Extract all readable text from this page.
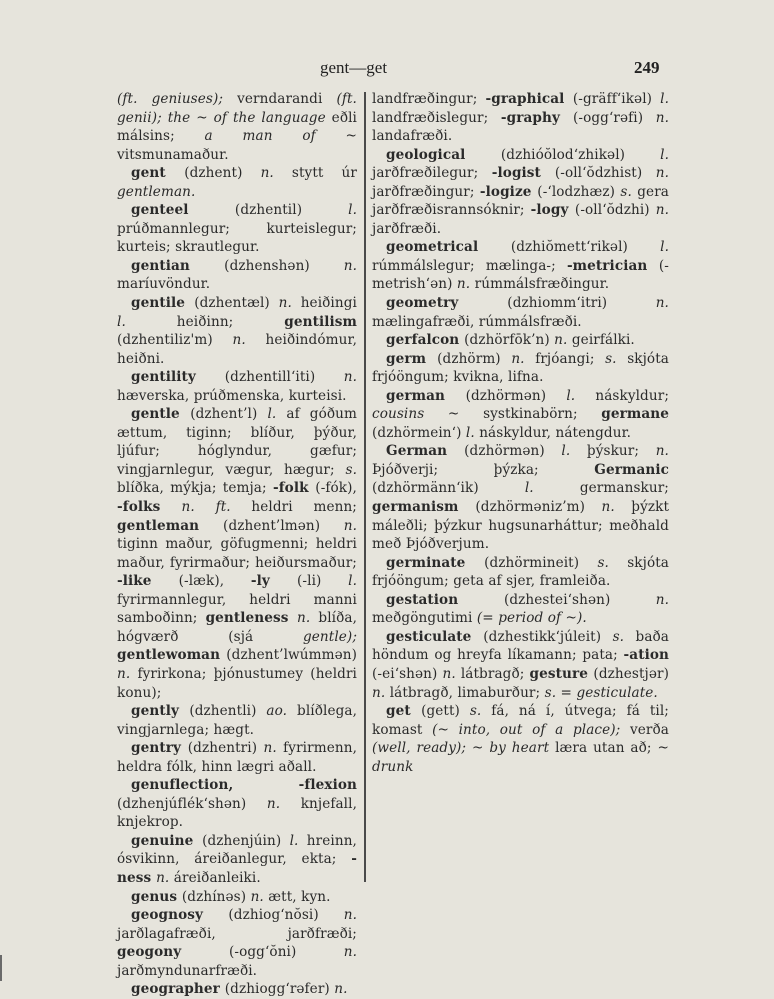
gent—get	249

(ft. geniuses); verndarandi (ft. genii); the ~ of the language eðli málsins; a man of ~ vitsmunamaður.

gent (dzhent) n. stytt úr gentleman.

genteel (dzhentil) l. prúðmannlegur; kurteislegur; kurteis; skrautlegur.

gentian (dzhenshən) n. maríuvöndur.

gentile (dzhentæl) n. heiðingi l. heiðinn; gentilism (dzhentiliz'm) n. heiðindómur, heiðni.

gentility (dzhentill‘iti) n. hæverska, prúðmenska, kurteisi.

gentle (dzhent’l) l. af góðum ættum, tiginn; blíður, þýður, ljúfur; hóglyndur, gæfur; vingjarnlegur, vægur, hægur; s. blíðka, mýkja; temja; -folk (-fók), -folks n. ft. heldri menn; gentleman (dzhent’lmən) n. tiginn maður, göfugmenni; heldri maður, fyrirmaður; heiðursmaður; -like (-læk), -ly (-li) l. fyrirmannlegur, heldri manni samboðinn; gentleness n. blíða, hógværð (sjá gentle); gentlewoman (dzhent’lwúmmən) n. fyrirkona; þjónustumey (heldri konu);

gently (dzhentli) ao. blíðlega, vingjarnlega; hægt.

gentry (dzhentri) n. fyrirmenn, heldra fólk, hinn lægri aðall.

genuflection, -flexion (dzhenjúflék‘shən) n. knjefall, knjekrop.

genuine (dzhenjúin) l. hreinn, ósvikinn, áreiðanlegur, ekta; -ness n. áreiðanleiki.

genus (dzhínəs) n. ætt, kyn.

geognosy (dzhiog‘nŏsi) n. jarðlagafræði, jarðfræði; geogony (-ogg‘ŏni) n. jarðmyndunarfræði.

geographer (dzhiogg‘rəfer) n.

landfræðingur; -graphical (-gräff‘ikəl) l. landfræðislegur; -graphy (-ogg‘rəfi) n. landafræði.

geological (dzhióŏlod‘zhikəl) l. jarðfræðilegur; -logist (-oll‘ŏdzhist) n. jarðfræðingur; -logize (-‘lodzhæz) s. gera jarðfræðisrannsóknir; -logy (-oll‘ŏdzhi) n. jarðfræði.

geometrical (dzhiŏmett‘rikəl) l. rúmmálslegur; mælinga-; -metrician (-metrish‘ən) n. rúmmálsfræðingur.

geometry (dzhiomm‘itri) n. mælingafræði, rúmmálsfræði.

gerfalcon (dzhörfōk’n) n. geirfálki.

germ (dzhörm) n. frjóangi; s. skjóta frjóöngum; kvikna, lifna.

german (dzhörmən) l. náskyldur; cousins ~ systkinabörn; germane (dzhörmein‘) l. náskyldur, nátengdur.

German (dzhörmən) l. þýskur; n. Þjóðverji; þýzka; Germanic (dzhörmänn‘ik) l. germanskur; germanism (dzhörməniz’m) n. þýzkt máleðli; þýzkur hugsunarháttur; meðhald með Þjóðverjum.

germinate (dzhörmineit) s. skjóta frjóöngum; geta af sjer, framleiða.

gestation (dzhestei‘shən) n. meðgöngutimi (= period of ~).

gesticulate (dzhestikk‘júleit) s. baða höndum og hreyfa líkamann; pata; -ation (-ei‘shən) n. látbragð; gesture (dzhestjər) n. látbragð, limaburður; s. = gesticulate.

get (gett) s. fá, ná í, útvega; fá til; komast (~ into, out of a place); verða (well, ready); ~ by heart læra utan að; ~ drunk
